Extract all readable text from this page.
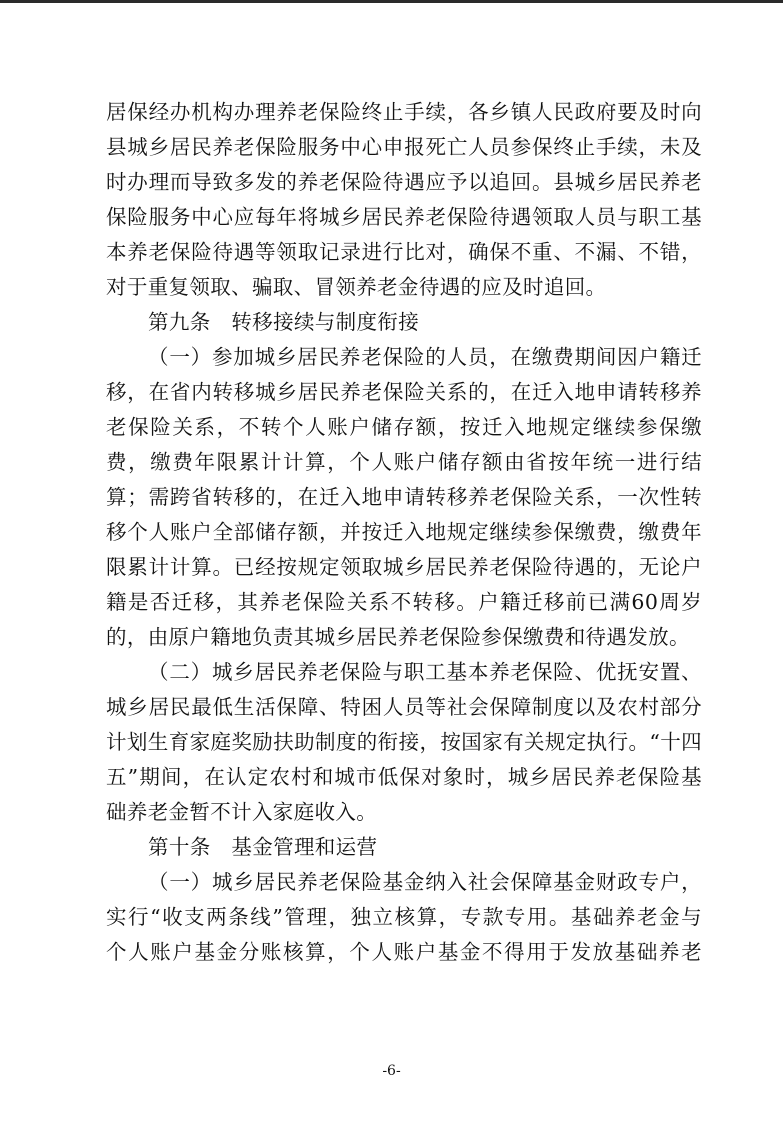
居保经办机构办理养老保险终止手续，各乡镇人民政府要及时向
县城乡居民养老保险服务中心申报死亡人员参保终止手续，未及
时办理而导致多发的养老保险待遇应予以追回。县城乡居民养老
保险服务中心应每年将城乡居民养老保险待遇领取人员与职工基
本养老保险待遇等领取记录进行比对，确保不重、不漏、不错，
对于重复领取、骗取、冒领养老金待遇的应及时追回。
第九条　转移接续与制度衔接
（一）参加城乡居民养老保险的人员，在缴费期间因户籍迁
移，在省内转移城乡居民养老保险关系的，在迁入地申请转移养
老保险关系，不转个人账户储存额，按迁入地规定继续参保缴
费，缴费年限累计计算，个人账户储存额由省按年统一进行结
算；需跨省转移的，在迁入地申请转移养老保险关系，一次性转
移个人账户全部储存额，并按迁入地规定继续参保缴费，缴费年
限累计计算。已经按规定领取城乡居民养老保险待遇的，无论户
籍是否迁移，其养老保险关系不转移。户籍迁移前已满60周岁
的，由原户籍地负责其城乡居民养老保险参保缴费和待遇发放。
（二）城乡居民养老保险与职工基本养老保险、优抚安置、
城乡居民最低生活保障、特困人员等社会保障制度以及农村部分
计划生育家庭奖励扶助制度的衔接，按国家有关规定执行。“十四
五”期间，在认定农村和城市低保对象时，城乡居民养老保险基
础养老金暂不计入家庭收入。
第十条　基金管理和运营
（一）城乡居民养老保险基金纳入社会保障基金财政专户，
实行“收支两条线”管理，独立核算，专款专用。基础养老金与
个人账户基金分账核算，个人账户基金不得用于发放基础养老
-6-
